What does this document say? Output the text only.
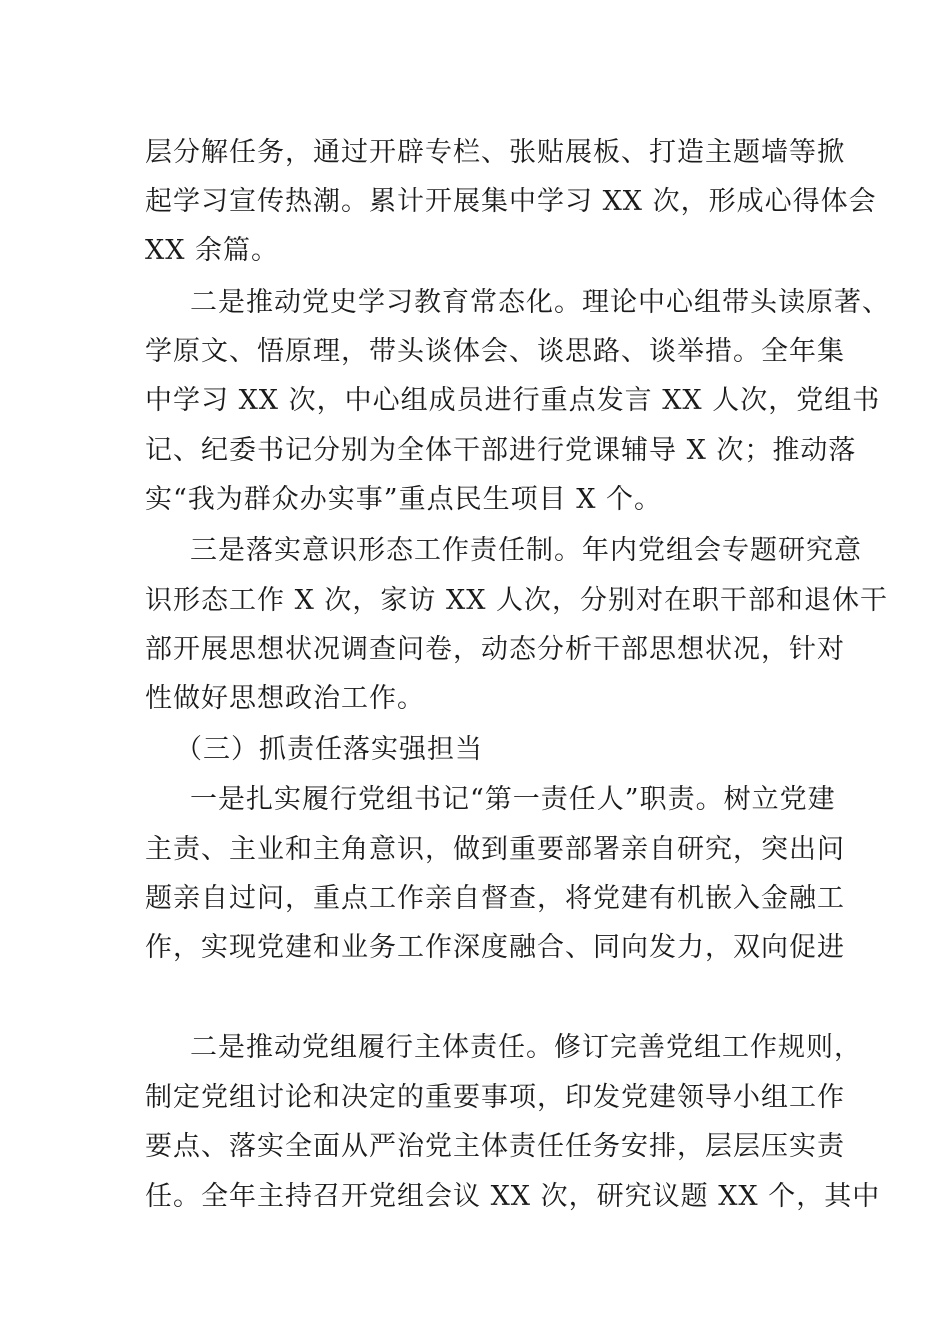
层分解任务，通过开辟专栏、张贴展板、打造主题墙等掀
起学习宣传热潮。累计开展集中学习 XX 次，形成心得体会
XX 余篇。
二是推动党史学习教育常态化。理论中心组带头读原著、
学原文、悟原理，带头谈体会、谈思路、谈举措。全年集
中学习 XX 次，中心组成员进行重点发言 XX 人次，党组书
记、纪委书记分别为全体干部进行党课辅导 X 次；推动落
实“我为群众办实事”重点民生项目 X 个。
三是落实意识形态工作责任制。年内党组会专题研究意
识形态工作 X 次，家访 XX 人次，分别对在职干部和退休干
部开展思想状况调查问卷，动态分析干部思想状况，针对
性做好思想政治工作。
（三）抓责任落实强担当
一是扎实履行党组书记“第一责任人”职责。树立党建
主责、主业和主角意识，做到重要部署亲自研究，突出问
题亲自过问，重点工作亲自督查，将党建有机嵌入金融工
作，实现党建和业务工作深度融合、同向发力，双向促进
二是推动党组履行主体责任。修订完善党组工作规则，
制定党组讨论和决定的重要事项，印发党建领导小组工作
要点、落实全面从严治党主体责任任务安排，层层压实责
任。全年主持召开党组会议 XX 次，研究议题 XX 个，其中
